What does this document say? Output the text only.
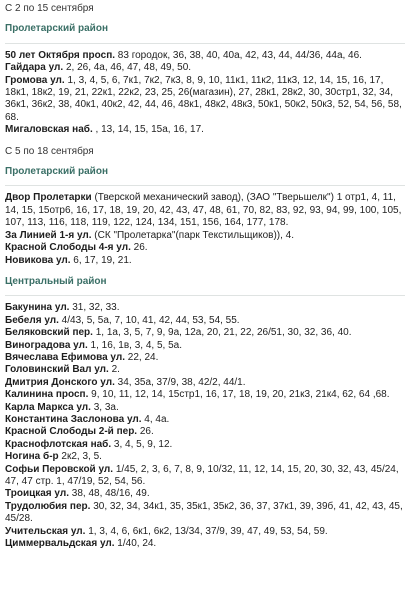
С 2 по 15 сентября
Пролетарский район

50 лет Октября просп. 83 городок, 36, 38, 40, 40а, 42, 43, 44, 44/36, 44а, 46.

Гайдара ул. 2, 26, 4а, 46, 47, 48, 49, 50.

Громова ул. 1, 3, 4, 5, 6, 7к1, 7к2, 7к3, 8, 9, 10, 11к1, 11к2, 11к3, 12, 14, 15, 16, 17, 18к1, 18к2, 19, 21, 22к1, 22к2, 23, 25, 26(магазин), 27, 28к1, 28к2, 30, 30стр1, 32, 34, 36к1, 36к2, 38, 40к1, 40к2, 42, 44, 46, 48к1, 48к2, 48к3, 50к1, 50к2, 50к3, 52, 54, 56, 58, 68.

Мигаловская наб. , 13, 14, 15, 15а, 16, 17.

С 5 по 18 сентября
Пролетарский район

Двор Пролетарки (Тверской механический завод), (ЗАО "Тверьшелк") 1 отр1, 4, 11, 14, 15, 15отр6, 16, 17, 18, 19, 20, 42, 43, 47, 48, 61, 70, 82, 83, 92, 93, 94, 99, 100, 105, 107, 113, 116, 118, 119, 122, 124, 134, 151, 156, 164, 177, 178.

За Линией 1-я ул. (СК "Пролетарка"(парк Текстильщиков)), 4.

Красной Слободы 4-я ул. 26.

Новикова ул. 6, 17, 19, 21.

Центральный район

Бакунина ул. 31, 32, 33.

Бебеля ул. 4/43, 5, 5а, 7, 10, 41, 42, 44, 53, 54, 55.

Беляковский пер. 1, 1а, 3, 5, 7, 9, 9а, 12а, 20, 21, 22, 26/51, 30, 32, 36, 40.

Виноградова ул. 1, 16, 1в, 3, 4, 5, 5а.

Вячеслава Ефимова ул. 22, 24.

Головинский Вал ул. 2.

Дмитрия Донского ул. 34, 35а, 37/9, 38, 42/2, 44/1.

Калинина просп. 9, 10, 11, 12, 14, 15стр1, 16, 17, 18, 19, 20, 21к3, 21к4, 62, 64 ,68.

Карла Маркса ул. 3, 3а.

Константина Заслонова ул. 4, 4а.

Красной Слободы 2-й пер. 26.

Краснофлотская наб. 3, 4, 5, 9, 12.

Ногина б-р 2к2, 3, 5.

Софьи Перовской ул. 1/45, 2, 3, 6, 7, 8, 9, 10/32, 11, 12, 14, 15, 20, 30, 32, 43, 45/24, 47, 47 стр. 1, 47/19, 52, 54, 56.

Троицкая ул. 38, 48, 48/16, 49.

Трудолюбия пер. 30, 32, 34, 34к1, 35, 35к1, 35к2, 36, 37, 37к1, 39, 39б, 41, 42, 43, 45, 45/28.

Учительская ул. 1, 3, 4, 6, 6к1, 6к2, 13/34, 37/9, 39, 47, 49, 53, 54, 59.

Циммервальдская ул. 1/40, 24.
